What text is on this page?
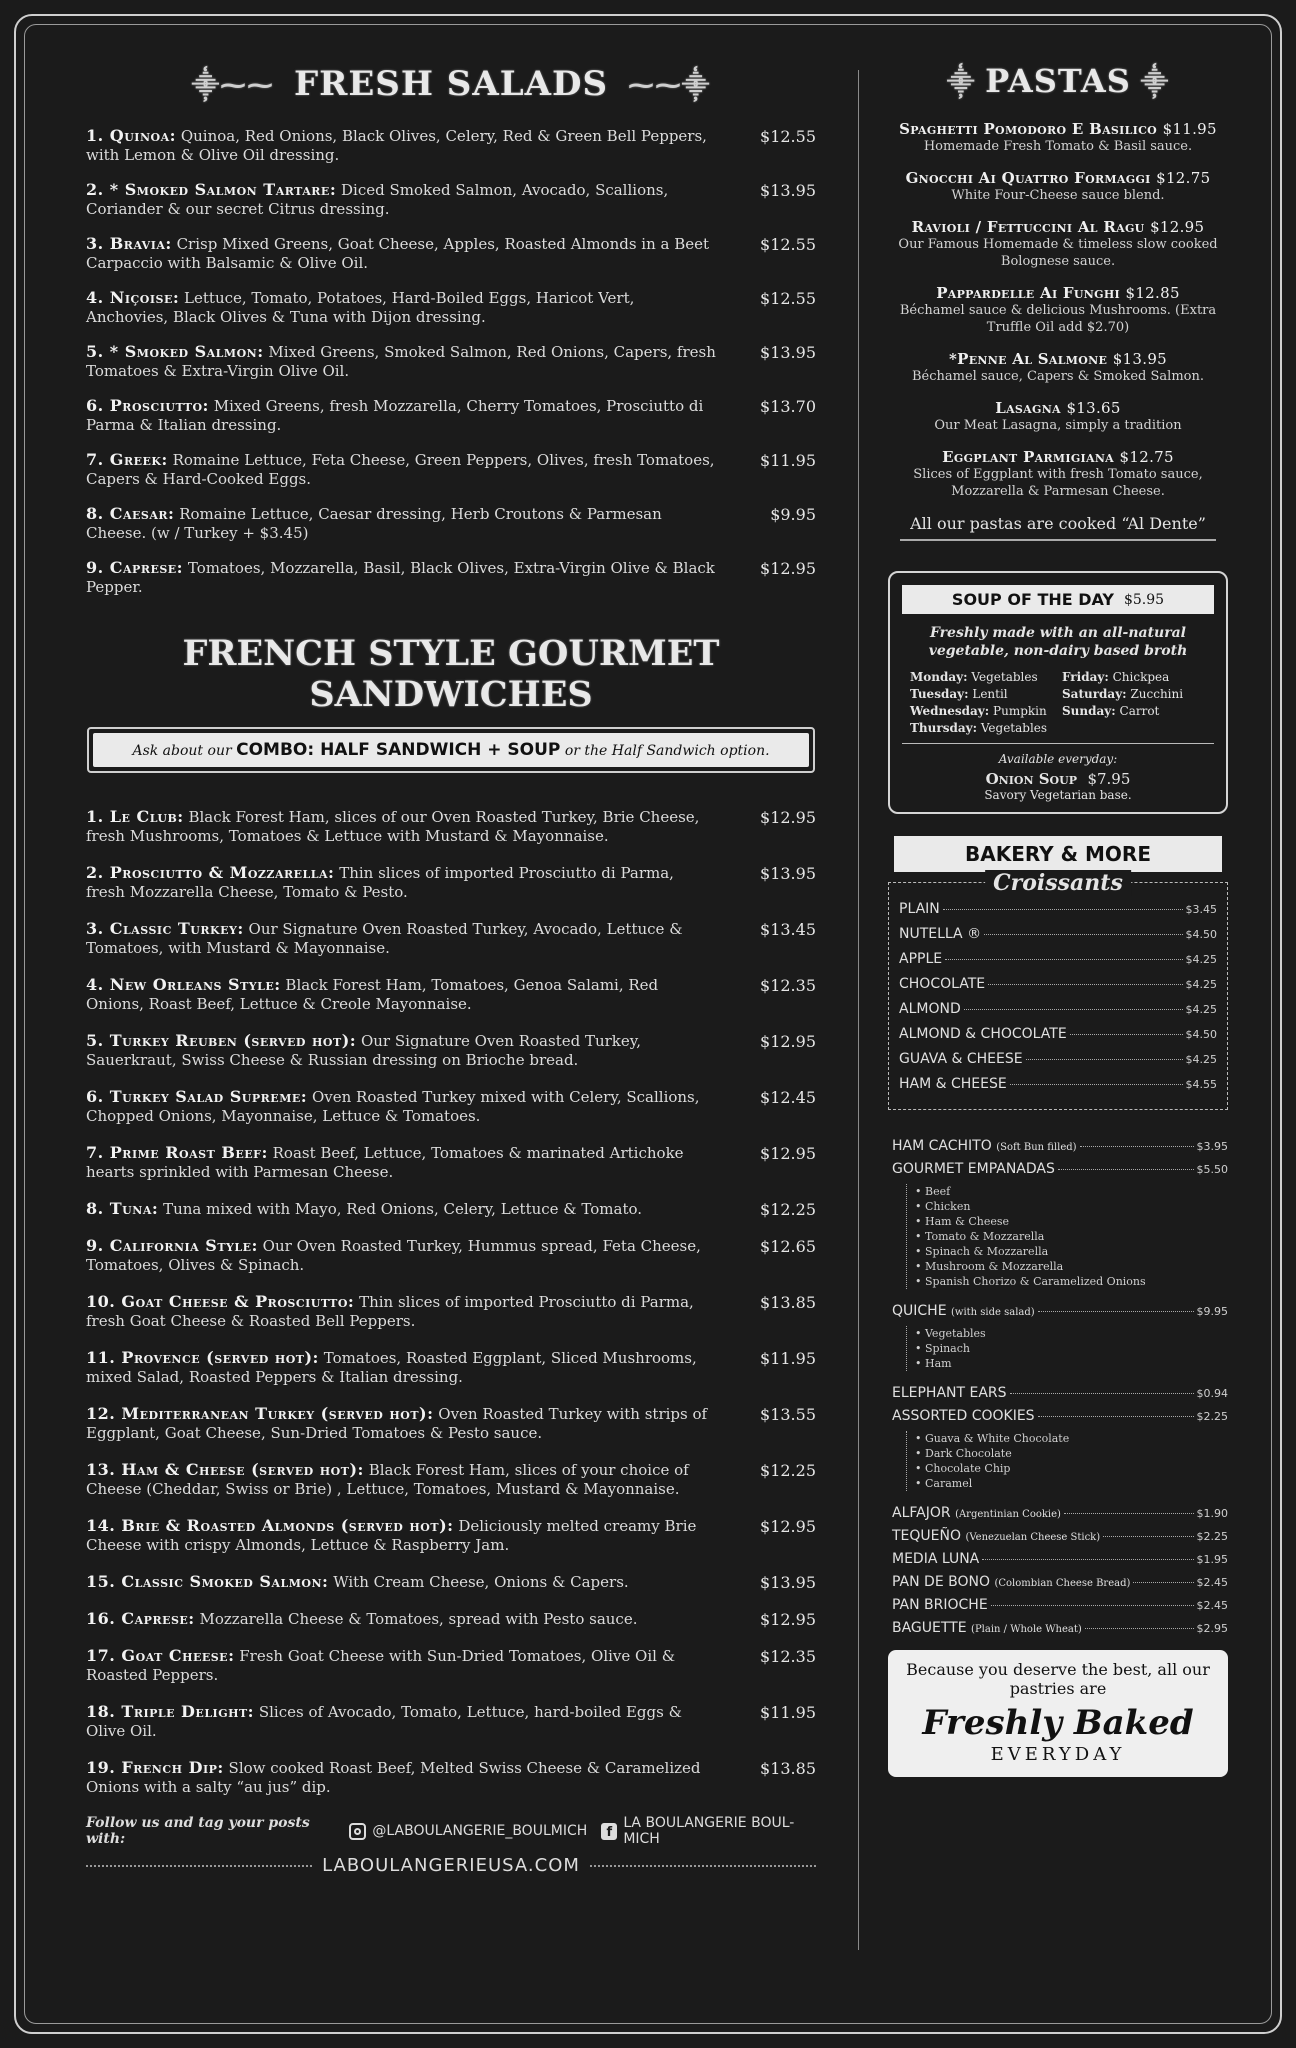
⸎⁓⁓ FRESH SALADS ⁓⁓⸎
1. Quinoa: Quinoa, Red Onions, Black Olives, Celery, Red & Green Bell Peppers, with Lemon & Olive Oil dressing.
$12.55
2. * Smoked Salmon Tartare: Diced Smoked Salmon, Avocado, Scallions, Coriander & our secret Citrus dressing.
$13.95
3. Bravia: Crisp Mixed Greens, Goat Cheese, Apples, Roasted Almonds in a Beet Carpaccio with Balsamic & Olive Oil.
$12.55
4. Niçoise: Lettuce, Tomato, Potatoes, Hard-Boiled Eggs, Haricot Vert, Anchovies, Black Olives & Tuna with Dijon dressing.
$12.55
5. * Smoked Salmon: Mixed Greens, Smoked Salmon, Red Onions, Capers, fresh Tomatoes & Extra-Virgin Olive Oil.
$13.95
6. Prosciutto: Mixed Greens, fresh Mozzarella, Cherry Tomatoes, Prosciutto di Parma & Italian dressing.
$13.70
7. Greek: Romaine Lettuce, Feta Cheese, Green Peppers, Olives, fresh Tomatoes, Capers & Hard-Cooked Eggs.
$11.95
8. Caesar: Romaine Lettuce, Caesar dressing, Herb Croutons & Parmesan Cheese. (w / Turkey + $3.45)
$9.95
9. Caprese: Tomatoes, Mozzarella, Basil, Black Olives, Extra-Virgin Olive & Black Pepper.
$12.95
FRENCH STYLE GOURMET SANDWICHES
Ask about our COMBO: HALF SANDWICH + SOUP or the Half Sandwich option.
1. Le Club: Black Forest Ham, slices of our Oven Roasted Turkey, Brie Cheese, fresh Mushrooms, Tomatoes & Lettuce with Mustard & Mayonnaise.
$12.95
2. Prosciutto & Mozzarella: Thin slices of imported Prosciutto di Parma, fresh Mozzarella Cheese, Tomato & Pesto.
$13.95
3. Classic Turkey: Our Signature Oven Roasted Turkey, Avocado, Lettuce & Tomatoes, with Mustard & Mayonnaise.
$13.45
4. New Orleans Style: Black Forest Ham, Tomatoes, Genoa Salami, Red Onions, Roast Beef, Lettuce & Creole Mayonnaise.
$12.35
5. Turkey Reuben (served hot): Our Signature Oven Roasted Turkey, Sauerkraut, Swiss Cheese & Russian dressing on Brioche bread.
$12.95
6. Turkey Salad Supreme: Oven Roasted Turkey mixed with Celery, Scallions, Chopped Onions, Mayonnaise, Lettuce & Tomatoes.
$12.45
7. Prime Roast Beef: Roast Beef, Lettuce, Tomatoes & marinated Artichoke hearts sprinkled with Parmesan Cheese.
$12.95
8. Tuna: Tuna mixed with Mayo, Red Onions, Celery, Lettuce & Tomato.	$12.25
9. California Style: Our Oven Roasted Turkey, Hummus spread, Feta Cheese, Tomatoes, Olives & Spinach.
$12.65
10. Goat Cheese & Prosciutto: Thin slices of imported Prosciutto di Parma, fresh Goat Cheese & Roasted Bell Peppers.
$13.85
11. Provence (served hot): Tomatoes, Roasted Eggplant, Sliced Mushrooms, mixed Salad, Roasted Peppers & Italian dressing.
$11.95
12. Mediterranean Turkey (served hot): Oven Roasted Turkey with strips of Eggplant, Goat Cheese, Sun-Dried Tomatoes & Pesto sauce.
$13.55
13. Ham & Cheese (served hot): Black Forest Ham, slices of your choice of Cheese (Cheddar, Swiss or Brie) , Lettuce, Tomatoes, Mustard & Mayonnaise.
$12.25
14. Brie & Roasted Almonds (served hot): Deliciously melted creamy Brie Cheese with crispy Almonds, Lettuce & Raspberry Jam.
$12.95
15. Classic Smoked Salmon: With Cream Cheese, Onions & Capers.	$13.95
16. Caprese: Mozzarella Cheese & Tomatoes, spread with Pesto sauce.	$12.95
17. Goat Cheese: Fresh Goat Cheese with Sun-Dried Tomatoes, Olive Oil & Roasted Peppers.
$12.35
18. Triple Delight: Slices of Avocado, Tomato, Lettuce, hard-boiled Eggs & Olive Oil.
$11.95
19. French Dip: Slow cooked Roast Beef, Melted Swiss Cheese & Caramelized Onions with a salty “au jus” dip.
$13.85
Follow us and tag your posts with:	@LABOULANGERIE_BOULMICH	f
LA BOULANGERIE BOUL-MICH
LABOULANGERIEUSA.COM
⸎ PASTAS ⸎
Spaghetti Pomodoro E Basilico $11.95
Homemade Fresh Tomato & Basil sauce.
Gnocchi Ai Quattro Formaggi $12.75
White Four-Cheese sauce blend.
Ravioli / Fettuccini Al Ragu $12.95
Our Famous Homemade & timeless slow cooked Bolognese sauce.
Pappardelle Ai Funghi $12.85
Béchamel sauce & delicious Mushrooms. (Extra Truffle Oil add $2.70)
*Penne Al Salmone $13.95
Béchamel sauce, Capers & Smoked Salmon.
Lasagna $13.65
Our Meat Lasagna, simply a tradition
Eggplant Parmigiana $12.75
Slices of Eggplant with fresh Tomato sauce, Mozzarella & Parmesan Cheese.
All our pastas are cooked “Al Dente”
SOUP OF THE DAY $5.95
Freshly made with an all-natural vegetable, non-dairy based broth
Monday: Vegetables	Friday: Chickpea
Tuesday: Lentil	Saturday: Zucchini
Wednesday: Pumpkin	Sunday: Carrot
Thursday: Vegetables
Available everyday:
Onion Soup $7.95
Savory Vegetarian base.
BAKERY & MORE
Croissants
PLAIN	$3.45
NUTELLA ®	$4.50
APPLE	$4.25
CHOCOLATE	$4.25
ALMOND	$4.25
ALMOND & CHOCOLATE	$4.50
GUAVA & CHEESE	$4.25
HAM & CHEESE	$4.55
HAM CACHITO (Soft Bun filled)	$3.95
GOURMET EMPANADAS	$5.50
• Beef
• Chicken
• Ham & Cheese
• Tomato & Mozzarella
• Spinach & Mozzarella
• Mushroom & Mozzarella
• Spanish Chorizo & Caramelized Onions
QUICHE (with side salad)	$9.95
• Vegetables
• Spinach
• Ham
ELEPHANT EARS	$0.94
ASSORTED COOKIES	$2.25
• Guava & White Chocolate
• Dark Chocolate
• Chocolate Chip
• Caramel
ALFAJOR (Argentinian Cookie)	$1.90
TEQUEÑO (Venezuelan Cheese Stick)	$2.25
MEDIA LUNA	$1.95
PAN DE BONO (Colombian Cheese Bread)	$2.45
PAN BRIOCHE	$2.45
BAGUETTE (Plain / Whole Wheat)	$2.95
Because you deserve the best, all our pastries are
Freshly Baked
EVERYDAY
